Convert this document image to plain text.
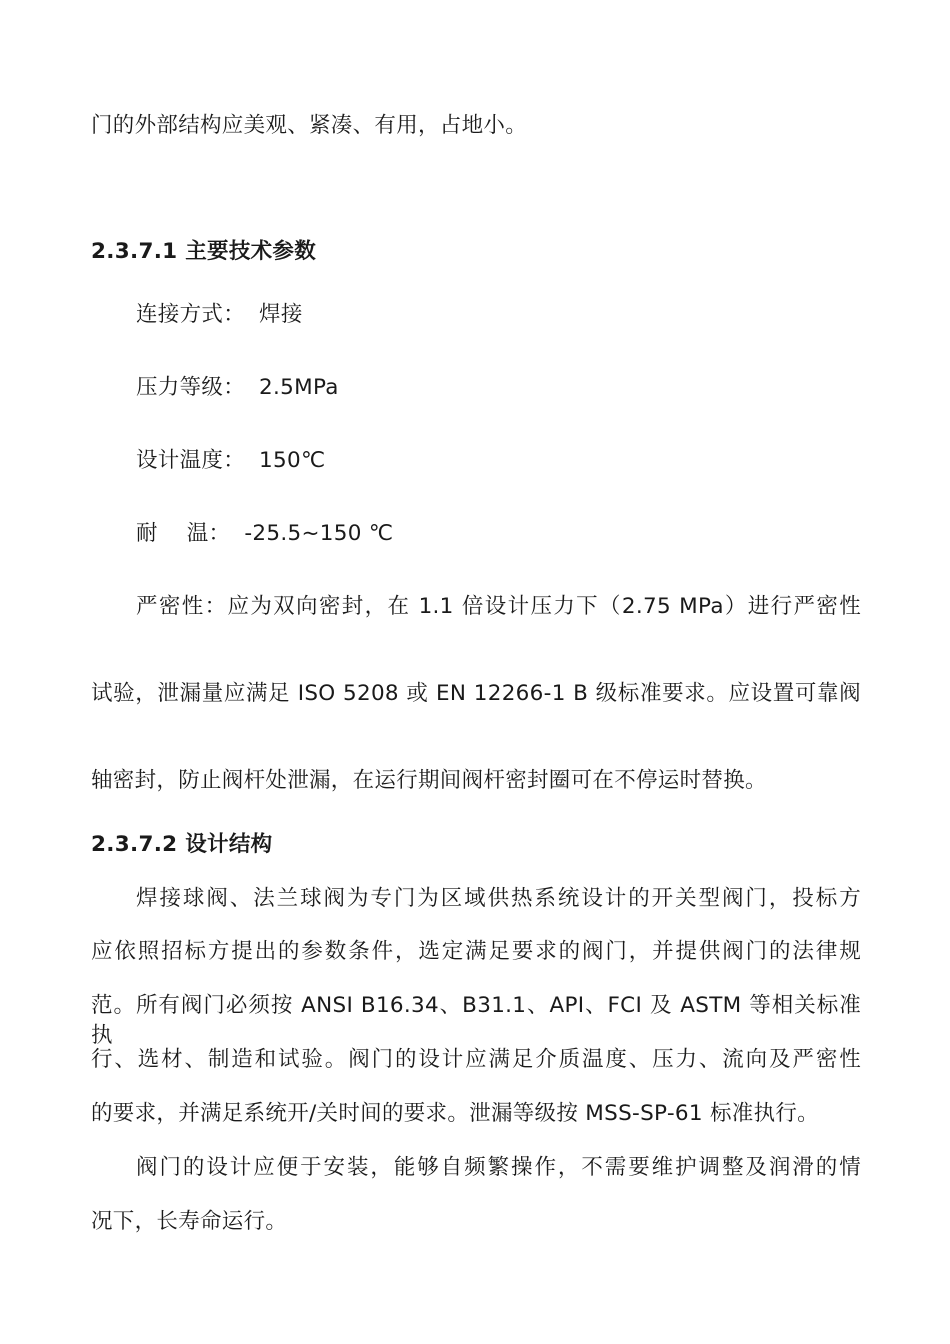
门的外部结构应美观、紧凑、有用，占地小。
2.3.7.1 主要技术参数
连接方式： 焊接
压力等级： 2.5MPa
设计温度： 150℃
耐　 温： -25.5~150 ℃
严密性：应为双向密封，在 1.1 倍设计压力下（2.75 MPa）进行严密性
试验，泄漏量应满足 ISO 5208 或 EN 12266-1 B 级标准要求。应设置可靠阀
轴密封，防止阀杆处泄漏，在运行期间阀杆密封圈可在不停运时替换。
2.3.7.2 设计结构
焊接球阀、法兰球阀为专门为区域供热系统设计的开关型阀门，投标方
应依照招标方提出的参数条件，选定满足要求的阀门，并提供阀门的法律规
范。所有阀门必须按 ANSI B16.34、B31.1、API、FCI 及 ASTM 等相关标准执
行、选材、制造和试验。阀门的设计应满足介质温度、压力、流向及严密性
的要求，并满足系统开/关时间的要求。泄漏等级按 MSS-SP-61 标准执行。
阀门的设计应便于安装，能够自频繁操作，不需要维护调整及润滑的情
况下，长寿命运行。
